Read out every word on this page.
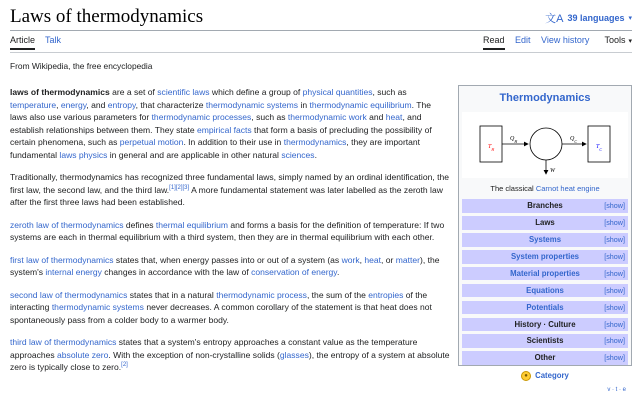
Laws of thermodynamics	文A 39 languages ▾
Article Talk	Read Edit View history Tools ▾
From Wikipedia, the free encyclopedia

laws of thermodynamics are a set of scientific laws which define a group of physical quantities, such as temperature, energy, and entropy, that characterize thermodynamic systems in thermodynamic equilibrium. The laws also use various parameters for thermodynamic processes, such as thermodynamic work and heat, and establish relationships between them. They state empirical facts that form a basis of precluding the possibility of certain phenomena, such as perpetual motion. In addition to their use in thermodynamics, they are important fundamental laws physics in general and are applicable in other natural sciences.

Traditionally, thermodynamics has recognized three fundamental laws, simply named by an ordinal identification, the first law, the second law, and the third law.[1][2][3] A more fundamental statement was later labelled as the zeroth law after the first three laws had been established.

zeroth law of thermodynamics defines thermal equilibrium and forms a basis for the definition of temperature: If two systems are each in thermal equilibrium with a third system, then they are in thermal equilibrium with each other.

first law of thermodynamics states that, when energy passes into or out of a system (as work, heat, or matter), the system's internal energy changes in accordance with the law of conservation of energy.

second law of thermodynamics states that in a natural thermodynamic process, the sum of the entropies of the interacting thermodynamic systems never decreases. A common corollary of the statement is that heat does not spontaneously pass from a colder body to a warmer body.

third law of thermodynamics states that a system's entropy approaches a constant value as the temperature approaches absolute zero. With the exception of non-crystalline solids (glasses), the entropy of a system at absolute zero is typically close to zero.[2]

Thermodynamics
$T_H$	$T_C$
$Q_H$	$Q_C$
W
The classical Carnot heat engine
Branches	[show]
Laws	[show]
Systems	[show]
System properties	[show]
Material properties	[show]
Equations	[show]
Potentials	[show]
History · Culture	[show]
Scientists	[show]
Other	[show]
● Category
v · t · e
